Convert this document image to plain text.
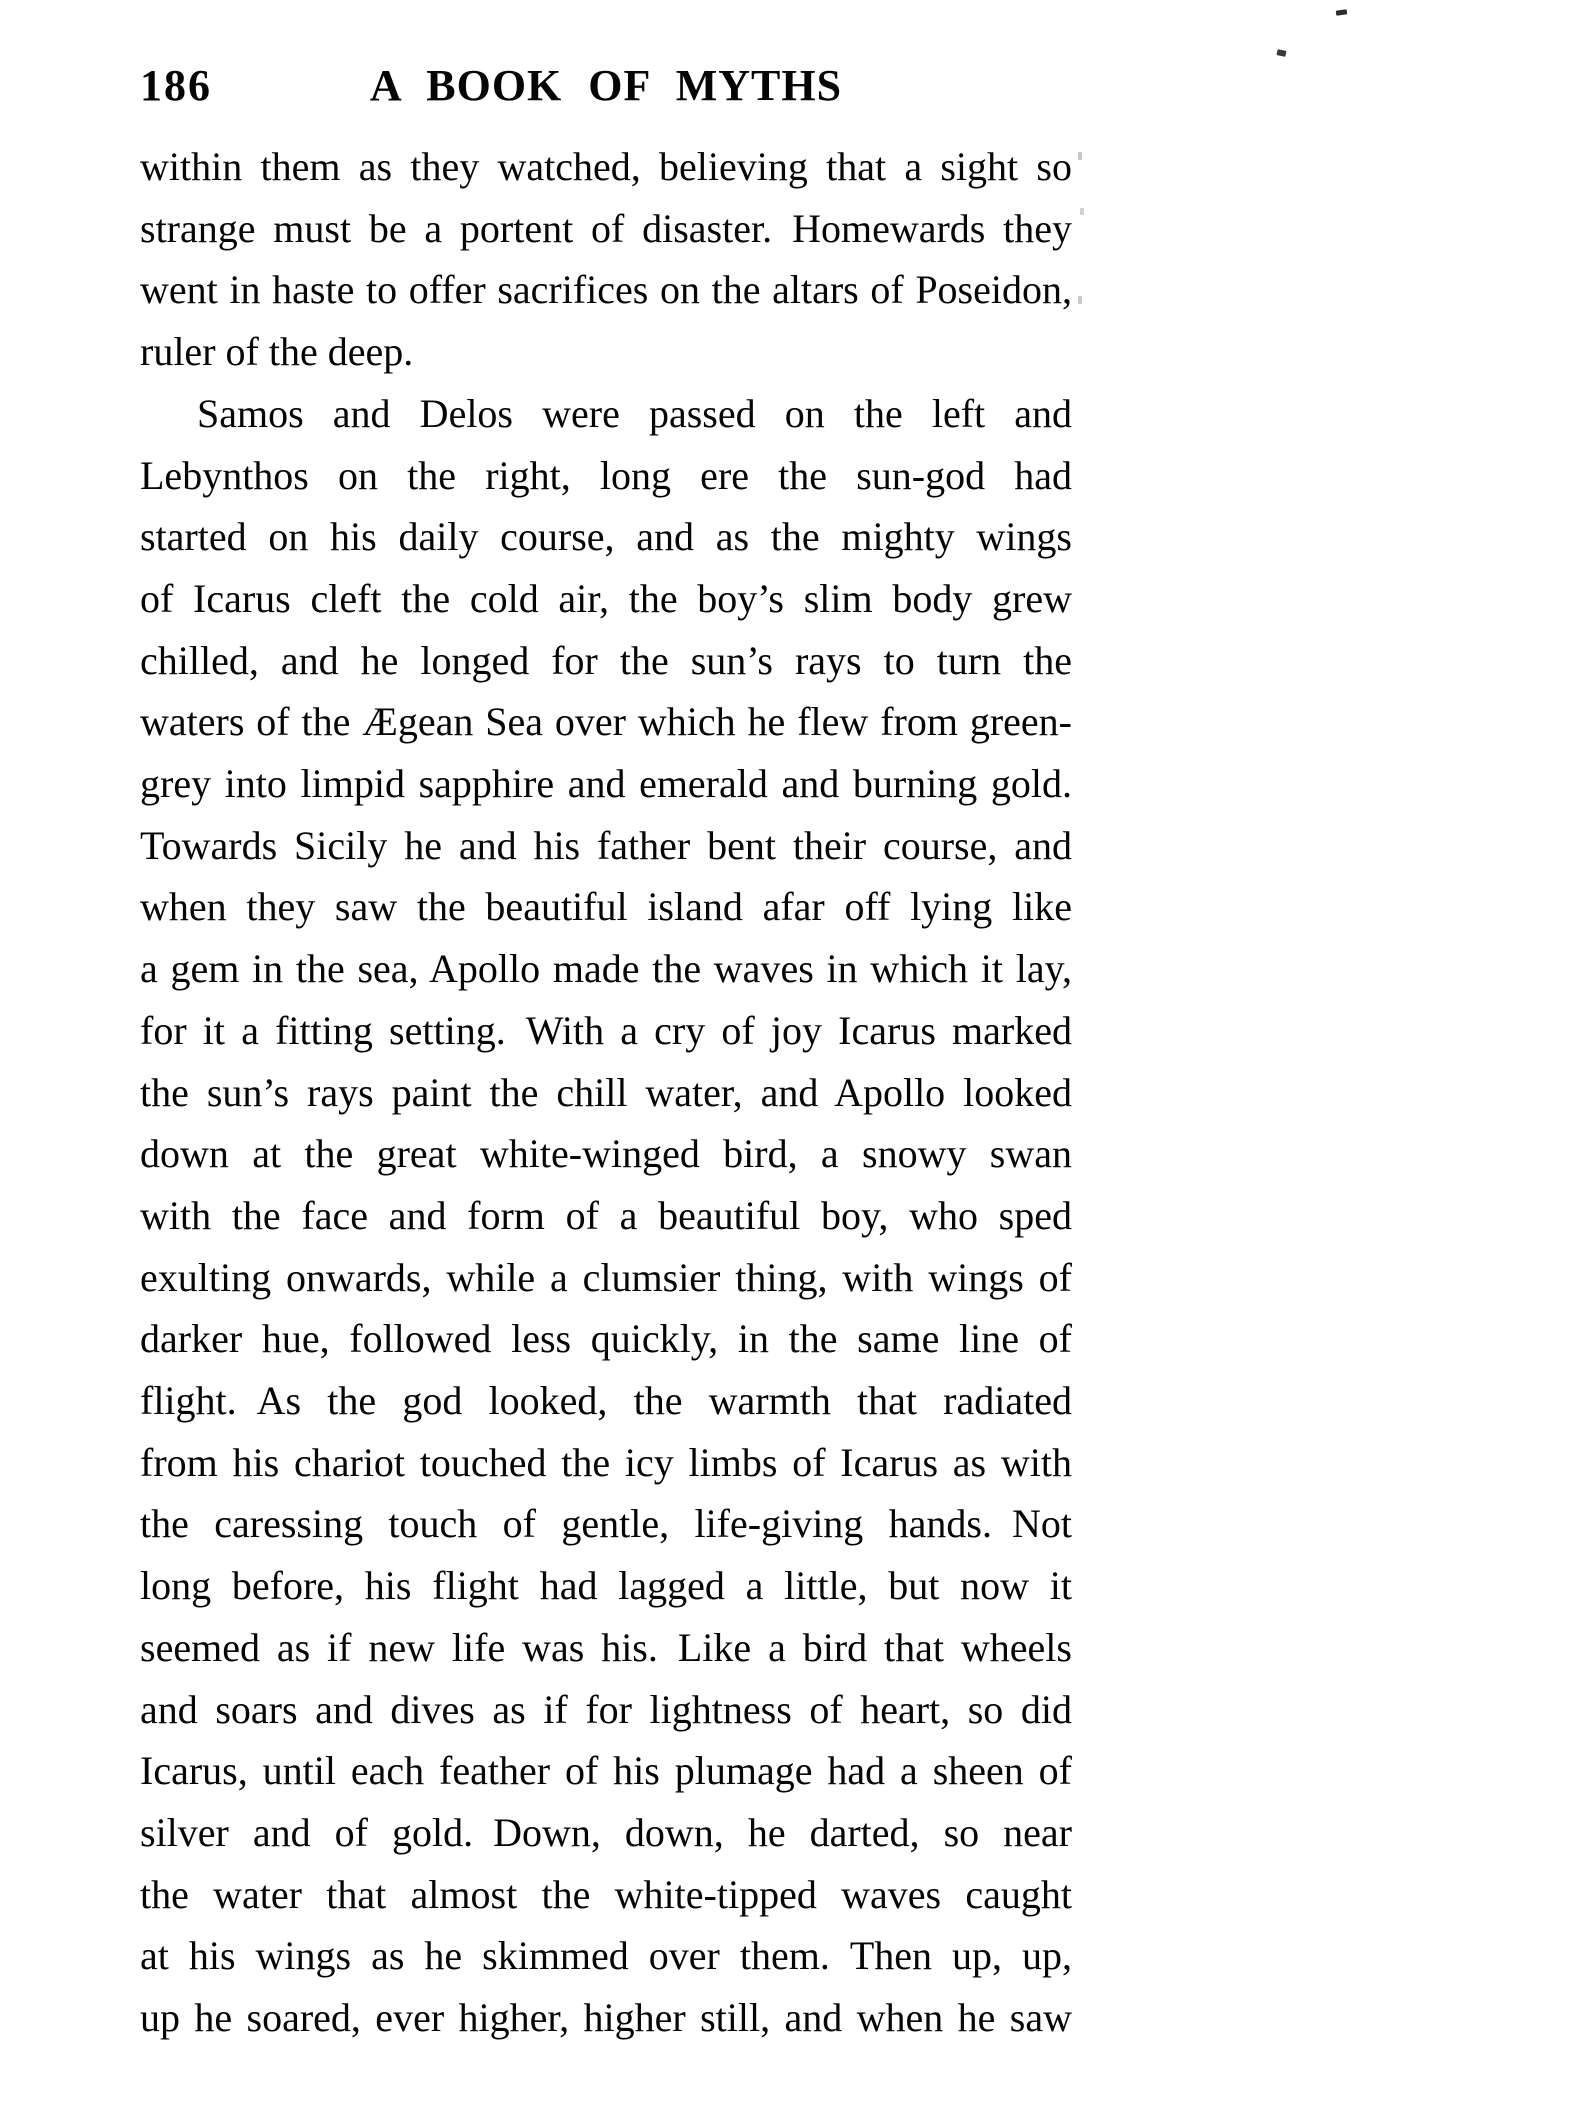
186	A BOOK OF MYTHS
within them as they watched, believing that a sight so
strange must be a portent of disaster. Homewards they
went in haste to offer sacrifices on the altars of Poseidon,
ruler of the deep.
Samos and Delos were passed on the left and
Lebynthos on the right, long ere the sun-god had
started on his daily course, and as the mighty wings
of Icarus cleft the cold air, the boy’s slim body grew
chilled, and he longed for the sun’s rays to turn the
waters of the Ægean Sea over which he flew from green-
grey into limpid sapphire and emerald and burning gold.
Towards Sicily he and his father bent their course, and
when they saw the beautiful island afar off lying like
a gem in the sea, Apollo made the waves in which it lay,
for it a fitting setting. With a cry of joy Icarus marked
the sun’s rays paint the chill water, and Apollo looked
down at the great white-winged bird, a snowy swan
with the face and form of a beautiful boy, who sped
exulting onwards, while a clumsier thing, with wings of
darker hue, followed less quickly, in the same line of
flight. As the god looked, the warmth that radiated
from his chariot touched the icy limbs of Icarus as with
the caressing touch of gentle, life-giving hands. Not
long before, his flight had lagged a little, but now it
seemed as if new life was his. Like a bird that wheels
and soars and dives as if for lightness of heart, so did
Icarus, until each feather of his plumage had a sheen of
silver and of gold. Down, down, he darted, so near
the water that almost the white-tipped waves caught
at his wings as he skimmed over them. Then up, up,
up he soared, ever higher, higher still, and when he saw
